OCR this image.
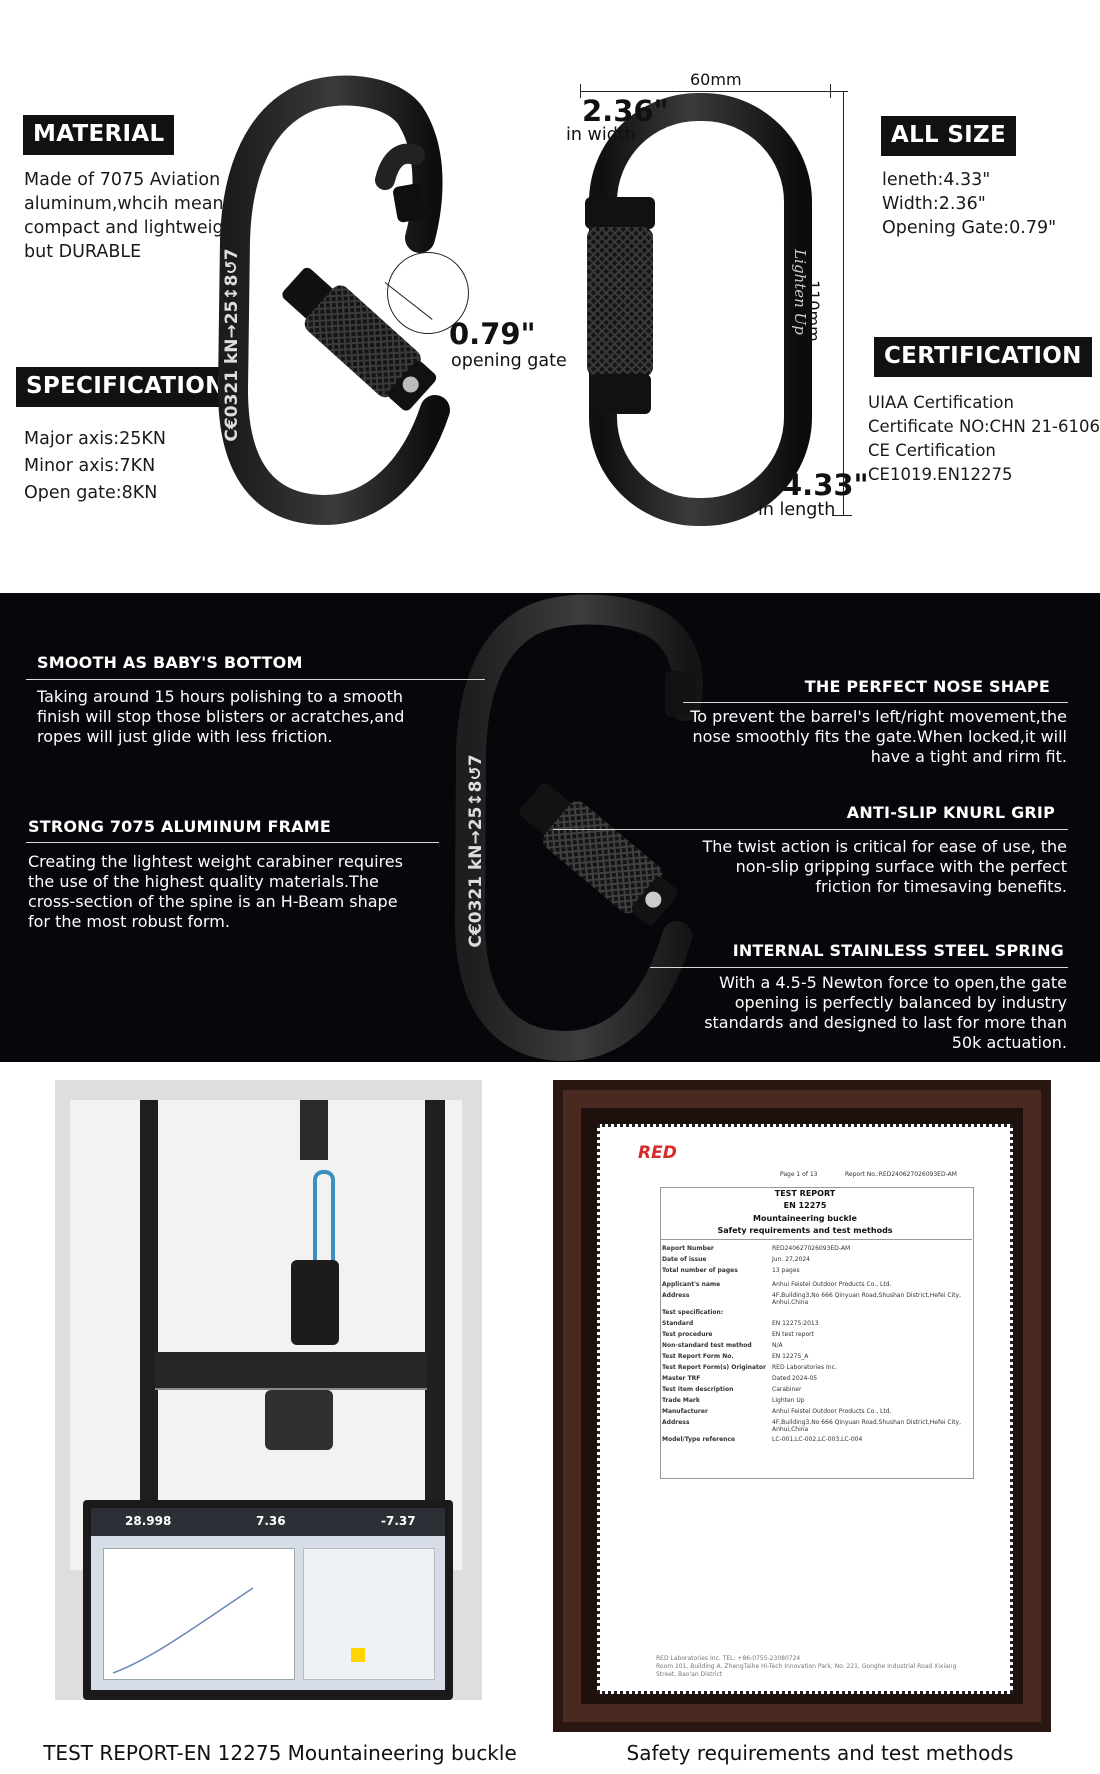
MATERIAL
Made of 7075 Aviation
aluminum,whcih means
compact and lightweight
but DURABLE
SPECIFICATION
Major axis:25KN
Minor axis:7KN
Open gate:8KN
ALL SIZE
leneth:4.33"
Width:2.36"
Opening Gate:0.79"
CERTIFICATION
UIAA Certification
Certificate NO:CHN 21-6106
CE Certification
CE1019.EN12275
C€0321 kN→25↕8↺7	0.79"
opening gate
Lighten Up
60mm
2.36"
in width
110mm
4.33"
in length
C€0321 kN→25↕8↺7
SMOOTH AS BABY'S BOTTOM
Taking around 15 hours polishing to a smooth
finish will stop those blisters or acratches,and
ropes will just glide with less friction.
STRONG 7075 ALUMINUM FRAME
Creating the lightest weight carabiner requires
the use of the highest quality materials.The
cross-section of the spine is an H-Beam shape
for the most robust form.
THE PERFECT NOSE SHAPE
To prevent the barrel's left/right movement,the
nose smoothly fits the gate.When locked,it will
have a tight and rirm fit.
ANTI-SLIP KNURL GRIP
The twist action is critical for ease of use, the
non-slip gripping surface with the perfect
friction for timesaving benefits.
INTERNAL STAINLESS STEEL SPRING
With a 4.5-5 Newton force to open,the gate
opening is perfectly balanced by industry
standards and designed to last for more than
50k actuation.
28.998	7.36	-7.37
RED
Page 1 of 13	Report No.:RED240627026093ED-AM
TEST REPORT
EN 12275
Mountaineering buckle
Safety requirements and test methods
Report Number	RED240627026093ED-AM
Date of issue	Jun. 27,2024
Total number of pages	13 pages
Applicant's name	Anhui Feistel Outdoor Products Co., Ltd.
Address	4F,Building3,No 666 Qinyuan Road,Shushan District,Hefei City, Anhui,China
Test specification:
Standard	EN 12275:2013
Test procedure	EN test report
Non-standard test method	N/A
Test Report Form No.	EN 12275_A
Test Report Form(s) Originator RED Laboratories Inc.
Master TRF	Dated 2024-05
Test item description	Carabiner
Trade Mark	Lighten Up
Manufacturer	Anhui Feistel Outdoor Products Co., Ltd.
Address	4F,Building3,No 666 Qinyuan Road,Shushan District,Hefei City, Anhui,China
Model/Type reference	LC-001,LC-002,LC-003,LC-004
RED Laboratories Inc. TEL: +86-0755-23080724
Room 101, Building A, ZhengTaihe Hi-Tech Innovation Park, No. 221, Gonghe Industrial Road Xixiang
Street, Bao'an District
TEST REPORT-EN 12275 Mountaineering buckle	Safety requirements and test methods
